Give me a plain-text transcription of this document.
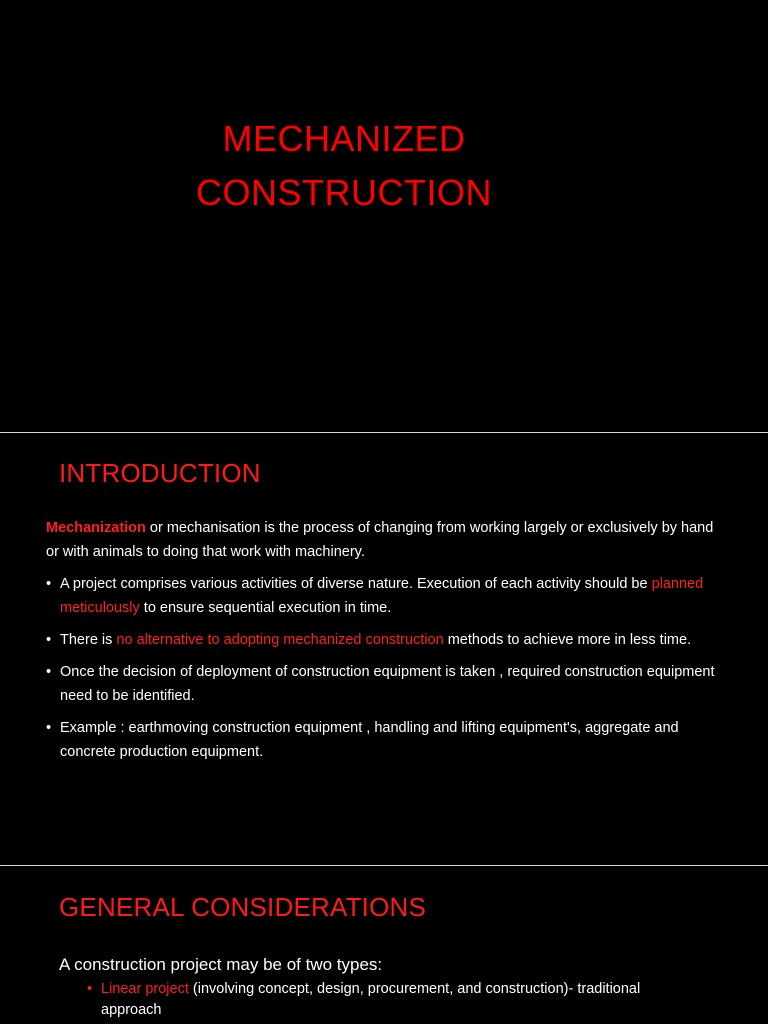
MECHANIZED
CONSTRUCTION
INTRODUCTION
Mechanization or mechanisation is the process of changing from working largely or exclusively by hand or with animals to doing that work with machinery.
• A project comprises various activities of diverse nature. Execution of each activity should be planned meticulously to ensure sequential execution in time.
• There is no alternative to adopting mechanized construction methods to achieve more in less time.
• Once the decision of deployment of construction equipment is taken , required construction equipment need to be identified.
• Example : earthmoving construction equipment , handling and lifting equipment's, aggregate and concrete production equipment.
GENERAL CONSIDERATIONS
A construction project may be of two types:
• Linear project (involving concept, design, procurement, and construction)- traditional approach
